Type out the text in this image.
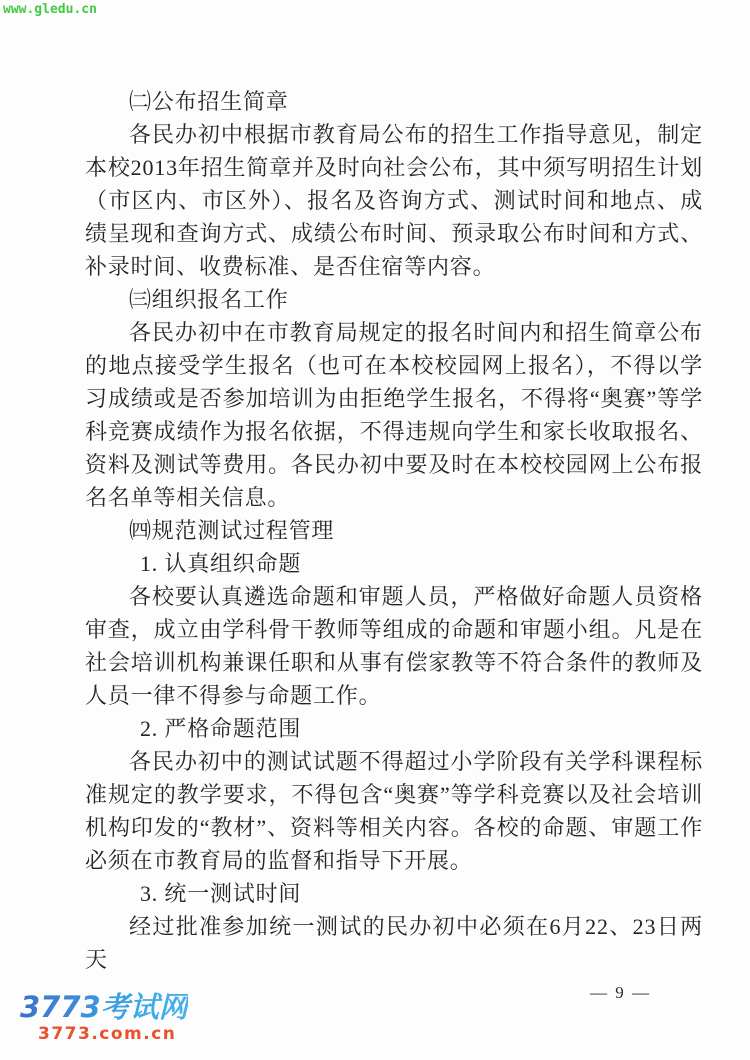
www.gledu.cn

㈡公布招生简章

各民办初中根据市教育局公布的招生工作指导意见，制定本校2013年招生简章并及时向社会公布，其中须写明招生计划（市区内、市区外）、报名及咨询方式、测试时间和地点、成绩呈现和查询方式、成绩公布时间、预录取公布时间和方式、补录时间、收费标准、是否住宿等内容。

㈢组织报名工作

各民办初中在市教育局规定的报名时间内和招生简章公布的地点接受学生报名（也可在本校校园网上报名），不得以学习成绩或是否参加培训为由拒绝学生报名，不得将“奥赛”等学科竞赛成绩作为报名依据，不得违规向学生和家长收取报名、资料及测试等费用。各民办初中要及时在本校校园网上公布报名名单等相关信息。

㈣规范测试过程管理

1. 认真组织命题

各校要认真遴选命题和审题人员，严格做好命题人员资格审查，成立由学科骨干教师等组成的命题和审题小组。凡是在社会培训机构兼课任职和从事有偿家教等不符合条件的教师及人员一律不得参与命题工作。

2. 严格命题范围

各民办初中的测试试题不得超过小学阶段有关学科课程标准规定的教学要求，不得包含“奥赛”等学科竞赛以及社会培训机构印发的“教材”、资料等相关内容。各校的命题、审题工作必须在市教育局的监督和指导下开展。

3. 统一测试时间

经过批准参加统一测试的民办初中必须在6月22、23日两天

— 9 —
3773考试网
3773.com.cn
